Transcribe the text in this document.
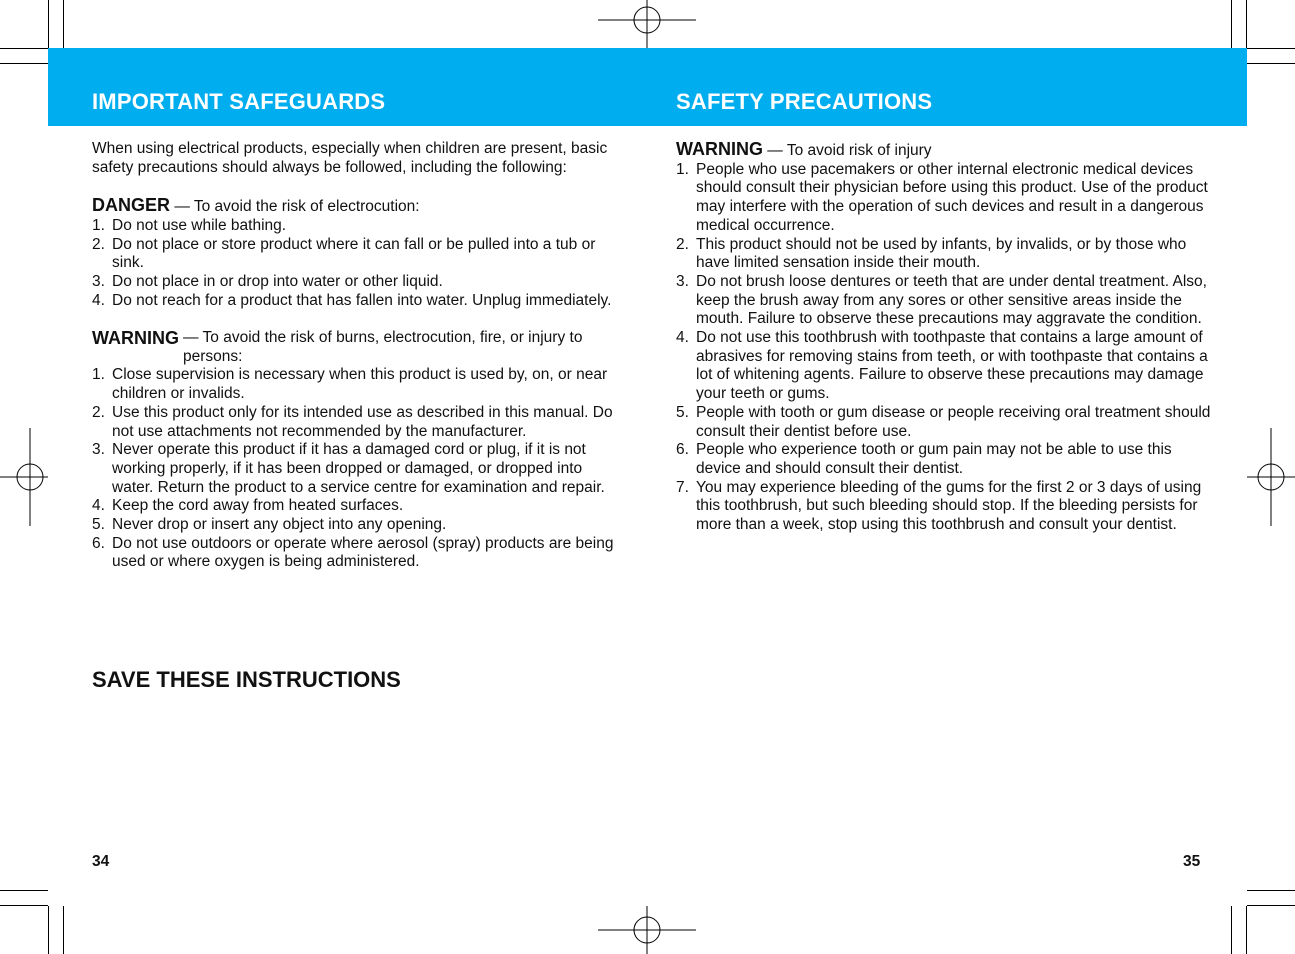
IMPORTANT SAFEGUARDS	SAFETY PRECAUTIONS

When using electrical products, especially when children are present, basic safety precautions should always be followed, including the following:

DANGER — To avoid the risk of electrocution:

1. Do not use while bathing.
2. Do not place or store product where it can fall or be pulled into a tub or sink.
3. Do not place in or drop into water or other liquid.
4. Do not reach for a product that has fallen into water. Unplug immediately.
WARNING — To avoid the risk of burns, electrocution, fire, or injury to persons:
1. Close supervision is necessary when this product is used by, on, or near children or invalids.
2. Use this product only for its intended use as described in this manual. Do not use attachments not recommended by the manufacturer.
3. Never operate this product if it has a damaged cord or plug, if it is not working properly, if it has been dropped or damaged, or dropped into water. Return the product to a service centre for examination and repair.
4. Keep the cord away from heated surfaces.
5. Never drop or insert any object into any opening.
6. Do not use outdoors or operate where aerosol (spray) products are being used or where oxygen is being administered.
SAVE THESE INSTRUCTIONS
34

WARNING — To avoid risk of injury

1. People who use pacemakers or other internal electronic medical devices should consult their physician before using this product. Use of the product may interfere with the operation of such devices and result in a dangerous medical occurrence.
2. This product should not be used by infants, by invalids, or by those who have limited sensation inside their mouth.
3. Do not brush loose dentures or teeth that are under dental treatment. Also, keep the brush away from any sores or other sensitive areas inside the mouth. Failure to observe these precautions may aggravate the condition.
4. Do not use this toothbrush with toothpaste that contains a large amount of abrasives for removing stains from teeth, or with toothpaste that contains a lot of whitening agents. Failure to observe these precautions may damage your teeth or gums.
5. People with tooth or gum disease or people receiving oral treatment should consult their dentist before use.
6. People who experience tooth or gum pain may not be able to use this device and should consult their dentist.
7. You may experience bleeding of the gums for the first 2 or 3 days of using this toothbrush, but such bleeding should stop. If the bleeding persists for more than a week, stop using this toothbrush and consult your dentist.
35
